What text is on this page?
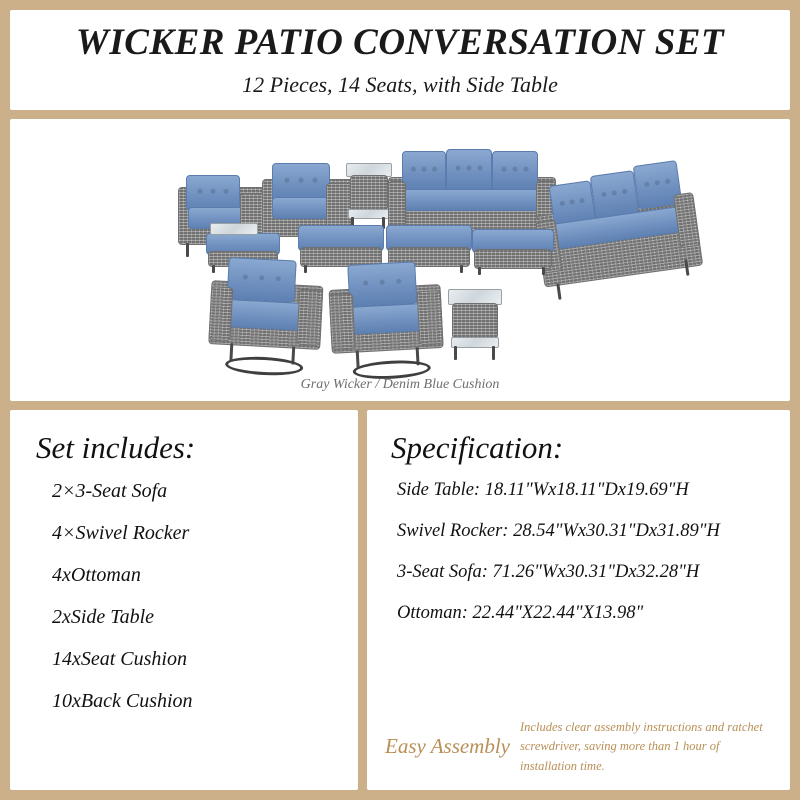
WICKER PATIO CONVERSATION SET
12 Pieces, 14 Seats, with Side Table
Gray Wicker / Denim Blue Cushion
Set includes:
2×3-Seat Sofa
4×Swivel Rocker
4xOttoman
2xSide Table
14xSeat Cushion
10xBack Cushion
Specification:
Side Table: 18.11"Wx18.11"Dx19.69"H
Swivel Rocker: 28.54"Wx30.31"Dx31.89"H
3-Seat Sofa: 71.26"Wx30.31"Dx32.28"H
Ottoman: 22.44"X22.44"X13.98"
Easy Assembly
Includes clear assembly instructions and ratchet screwdriver, saving more than 1 hour of installation time.
